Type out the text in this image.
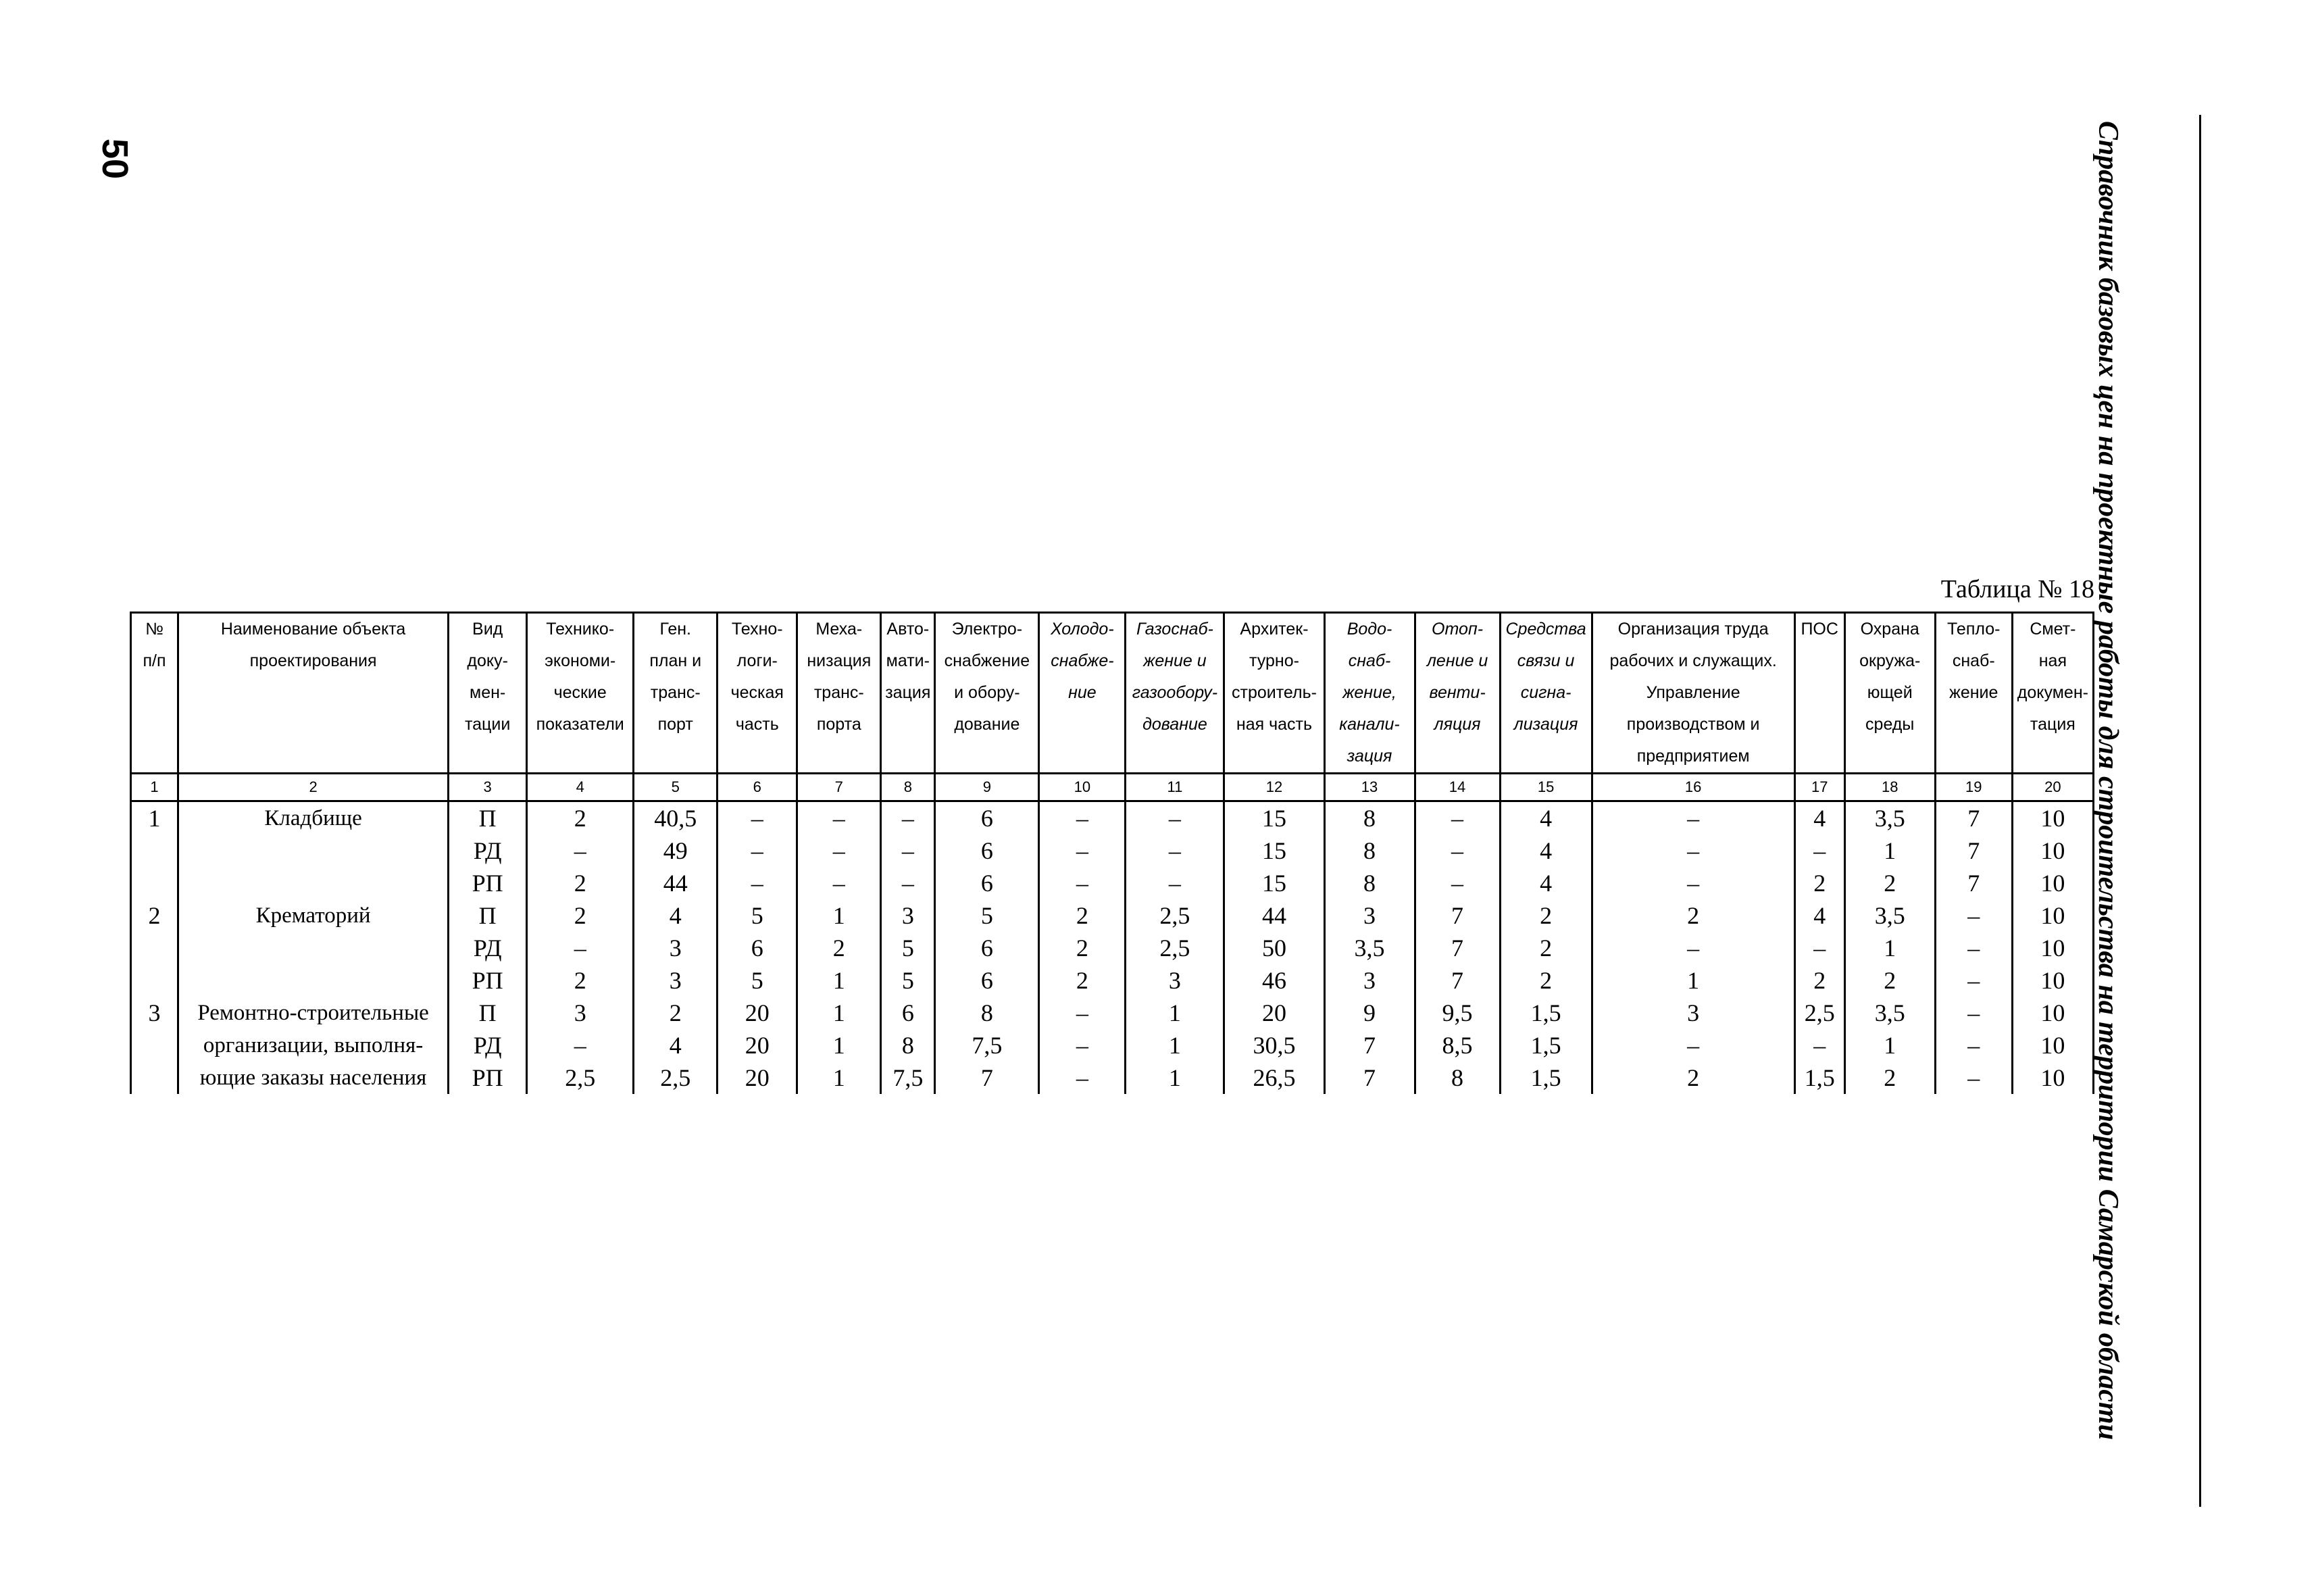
50	Справочник базовых цен на проектные работы для строительства на территории Самарской области
Таблица № 18
№
п/п	Наименование объекта
проектирования	Вид
доку-
мен-
тации	Технико-
экономи-
ческие
показатели	Ген.
план и
транс-
порт	Техно-
логи-
ческая
часть	Меха-
низация
транс-
порта	Авто-
мати-
зация	Электро-
снабжение
и обору-
дование	Холодо-
снабже-
ние	Газоснаб-
жение и
газообору-
дование	Архитек-
турно-
строитель-
ная часть	Водо-
снаб-
жение,
канали-
зация	Отоп-
ление и
венти-
ляция	Средства
связи и
сигна-
лизация	Организация труда
рабочих и служащих.
Управление
производством и
предприятием	ПОС	Охрана
окружа-
ющей
среды	Тепло-
снаб-
жение	Смет-
ная
докумен-
тация
1	2	3	4	5	6	7	8	9	10	11	12	13	14	15	16	17	18	19	20
1	Кладбище	П	2	40,5	–	–	–	6	–	–	15	8	–	4	–	4	3,5	7	10
		РД	–	49	–	–	–	6	–	–	15	8	–	4	–	–	1	7	10
		РП	2	44	–	–	–	6	–	–	15	8	–	4	–	2	2	7	10
2	Крематорий	П	2	4	5	1	3	5	2	2,5	44	3	7	2	2	4	3,5	–	10
		РД	–	3	6	2	5	6	2	2,5	50	3,5	7	2	–	–	1	–	10
		РП	2	3	5	1	5	6	2	3	46	3	7	2	1	2	2	–	10
3	Ремонтно-строительные
организации, выполня-
ющие заказы населения	П	3	2	20	1	6	8	–	1	20	9	9,5	1,5	3	2,5	3,5	–	10
		РД	–	4	20	1	8	7,5	–	1	30,5	7	8,5	1,5	–	–	1	–	10
		РП	2,5	2,5	20	1	7,5	7	–	1	26,5	7	8	1,5	2	1,5	2	–	10
